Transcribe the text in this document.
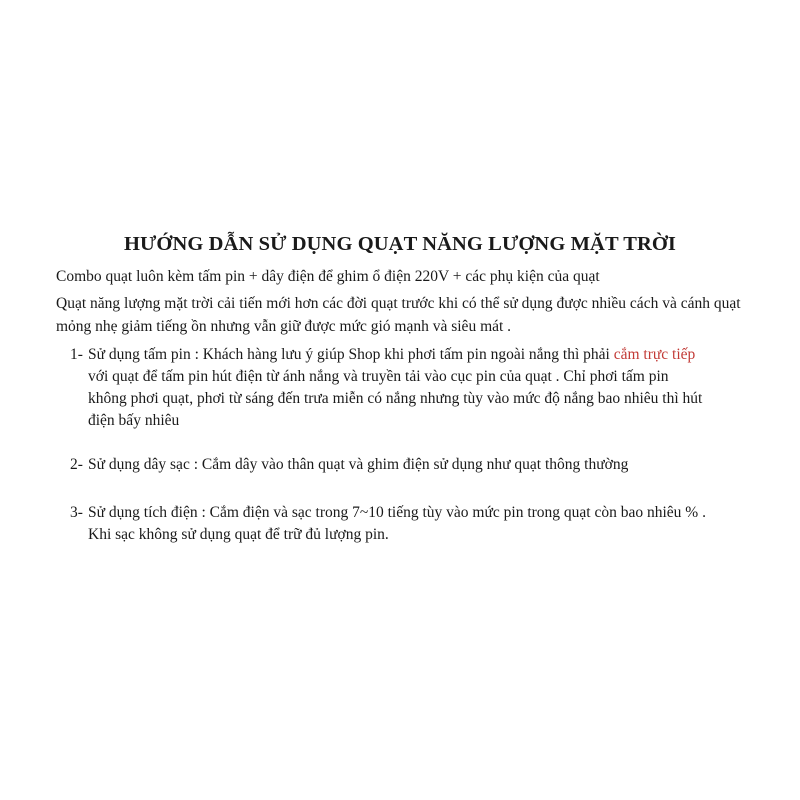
HƯỚNG DẪN SỬ DỤNG QUẠT NĂNG LƯỢNG MẶT TRỜI

Combo quạt luôn kèm tấm pin + dây điện để ghim ổ điện 220V + các phụ kiện của quạt

Quạt năng lượng mặt trời cải tiến mới hơn các đời quạt trước khi có thể sử dụng được nhiều cách và cánh quạt mỏng nhẹ giảm tiếng ồn nhưng vẫn giữ được mức gió mạnh và siêu mát .

1- Sử dụng tấm pin : Khách hàng lưu ý giúp Shop khi phơi tấm pin ngoài nắng thì phải cắm trực tiếp với quạt để tấm pin hút điện từ ánh nắng và truyền tải vào cục pin của quạt . Chỉ phơi tấm pin không phơi quạt, phơi từ sáng đến trưa miễn có nắng nhưng tùy vào mức độ nắng bao nhiêu thì hút điện bấy nhiêu
2- Sử dụng dây sạc : Cắm dây vào thân quạt và ghim điện sử dụng như quạt thông thường
3- Sử dụng tích điện : Cắm điện và sạc trong 7~10 tiếng tùy vào mức pin trong quạt còn bao nhiêu % . Khi sạc không sử dụng quạt để trữ đủ lượng pin.
